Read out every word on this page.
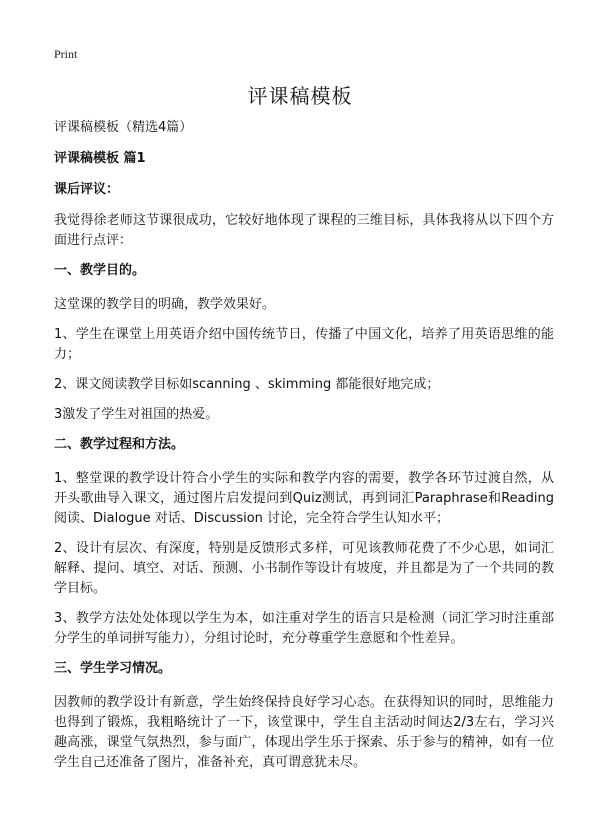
Print
评课稿模板

评课稿模板（精选4篇）

评课稿模板 篇1

课后评议：

我觉得徐老师这节课很成功，它较好地体现了课程的三维目标，具体我将从以下四个方面进行点评：

一、教学目的。

这堂课的教学目的明确，教学效果好。

1、学生在课堂上用英语介绍中国传统节日，传播了中国文化，培养了用英语思维的能力；

2、课文阅读教学目标如scanning 、skimming 都能很好地完成；

3激发了学生对祖国的热爱。

二、教学过程和方法。

1、整堂课的教学设计符合小学生的实际和教学内容的需要，教学各环节过渡自然，从开头歌曲导入课文，通过图片启发提问到Quiz测试，再到词汇Paraphrase和Reading阅读、Dialogue 对话、Discussion 讨论，完全符合学生认知水平；

2、设计有层次、有深度，特别是反馈形式多样，可见该教师花费了不少心思，如词汇解释、提问、填空、对话、预测、小书制作等设计有坡度，并且都是为了一个共同的教学目标。

3、教学方法处处体现以学生为本，如注重对学生的语言只是检测（词汇学习时注重部分学生的单词拼写能力），分组讨论时，充分尊重学生意愿和个性差异。

三、学生学习情况。

因教师的教学设计有新意，学生始终保持良好学习心态。在获得知识的同时，思维能力也得到了锻炼，我粗略统计了一下，该堂课中，学生自主活动时间达2/3左右，学习兴趣高涨，课堂气氛热烈，参与面广，体现出学生乐于探索、乐于参与的精神，如有一位学生自己还准备了图片，准备补充，真可谓意犹未尽。
